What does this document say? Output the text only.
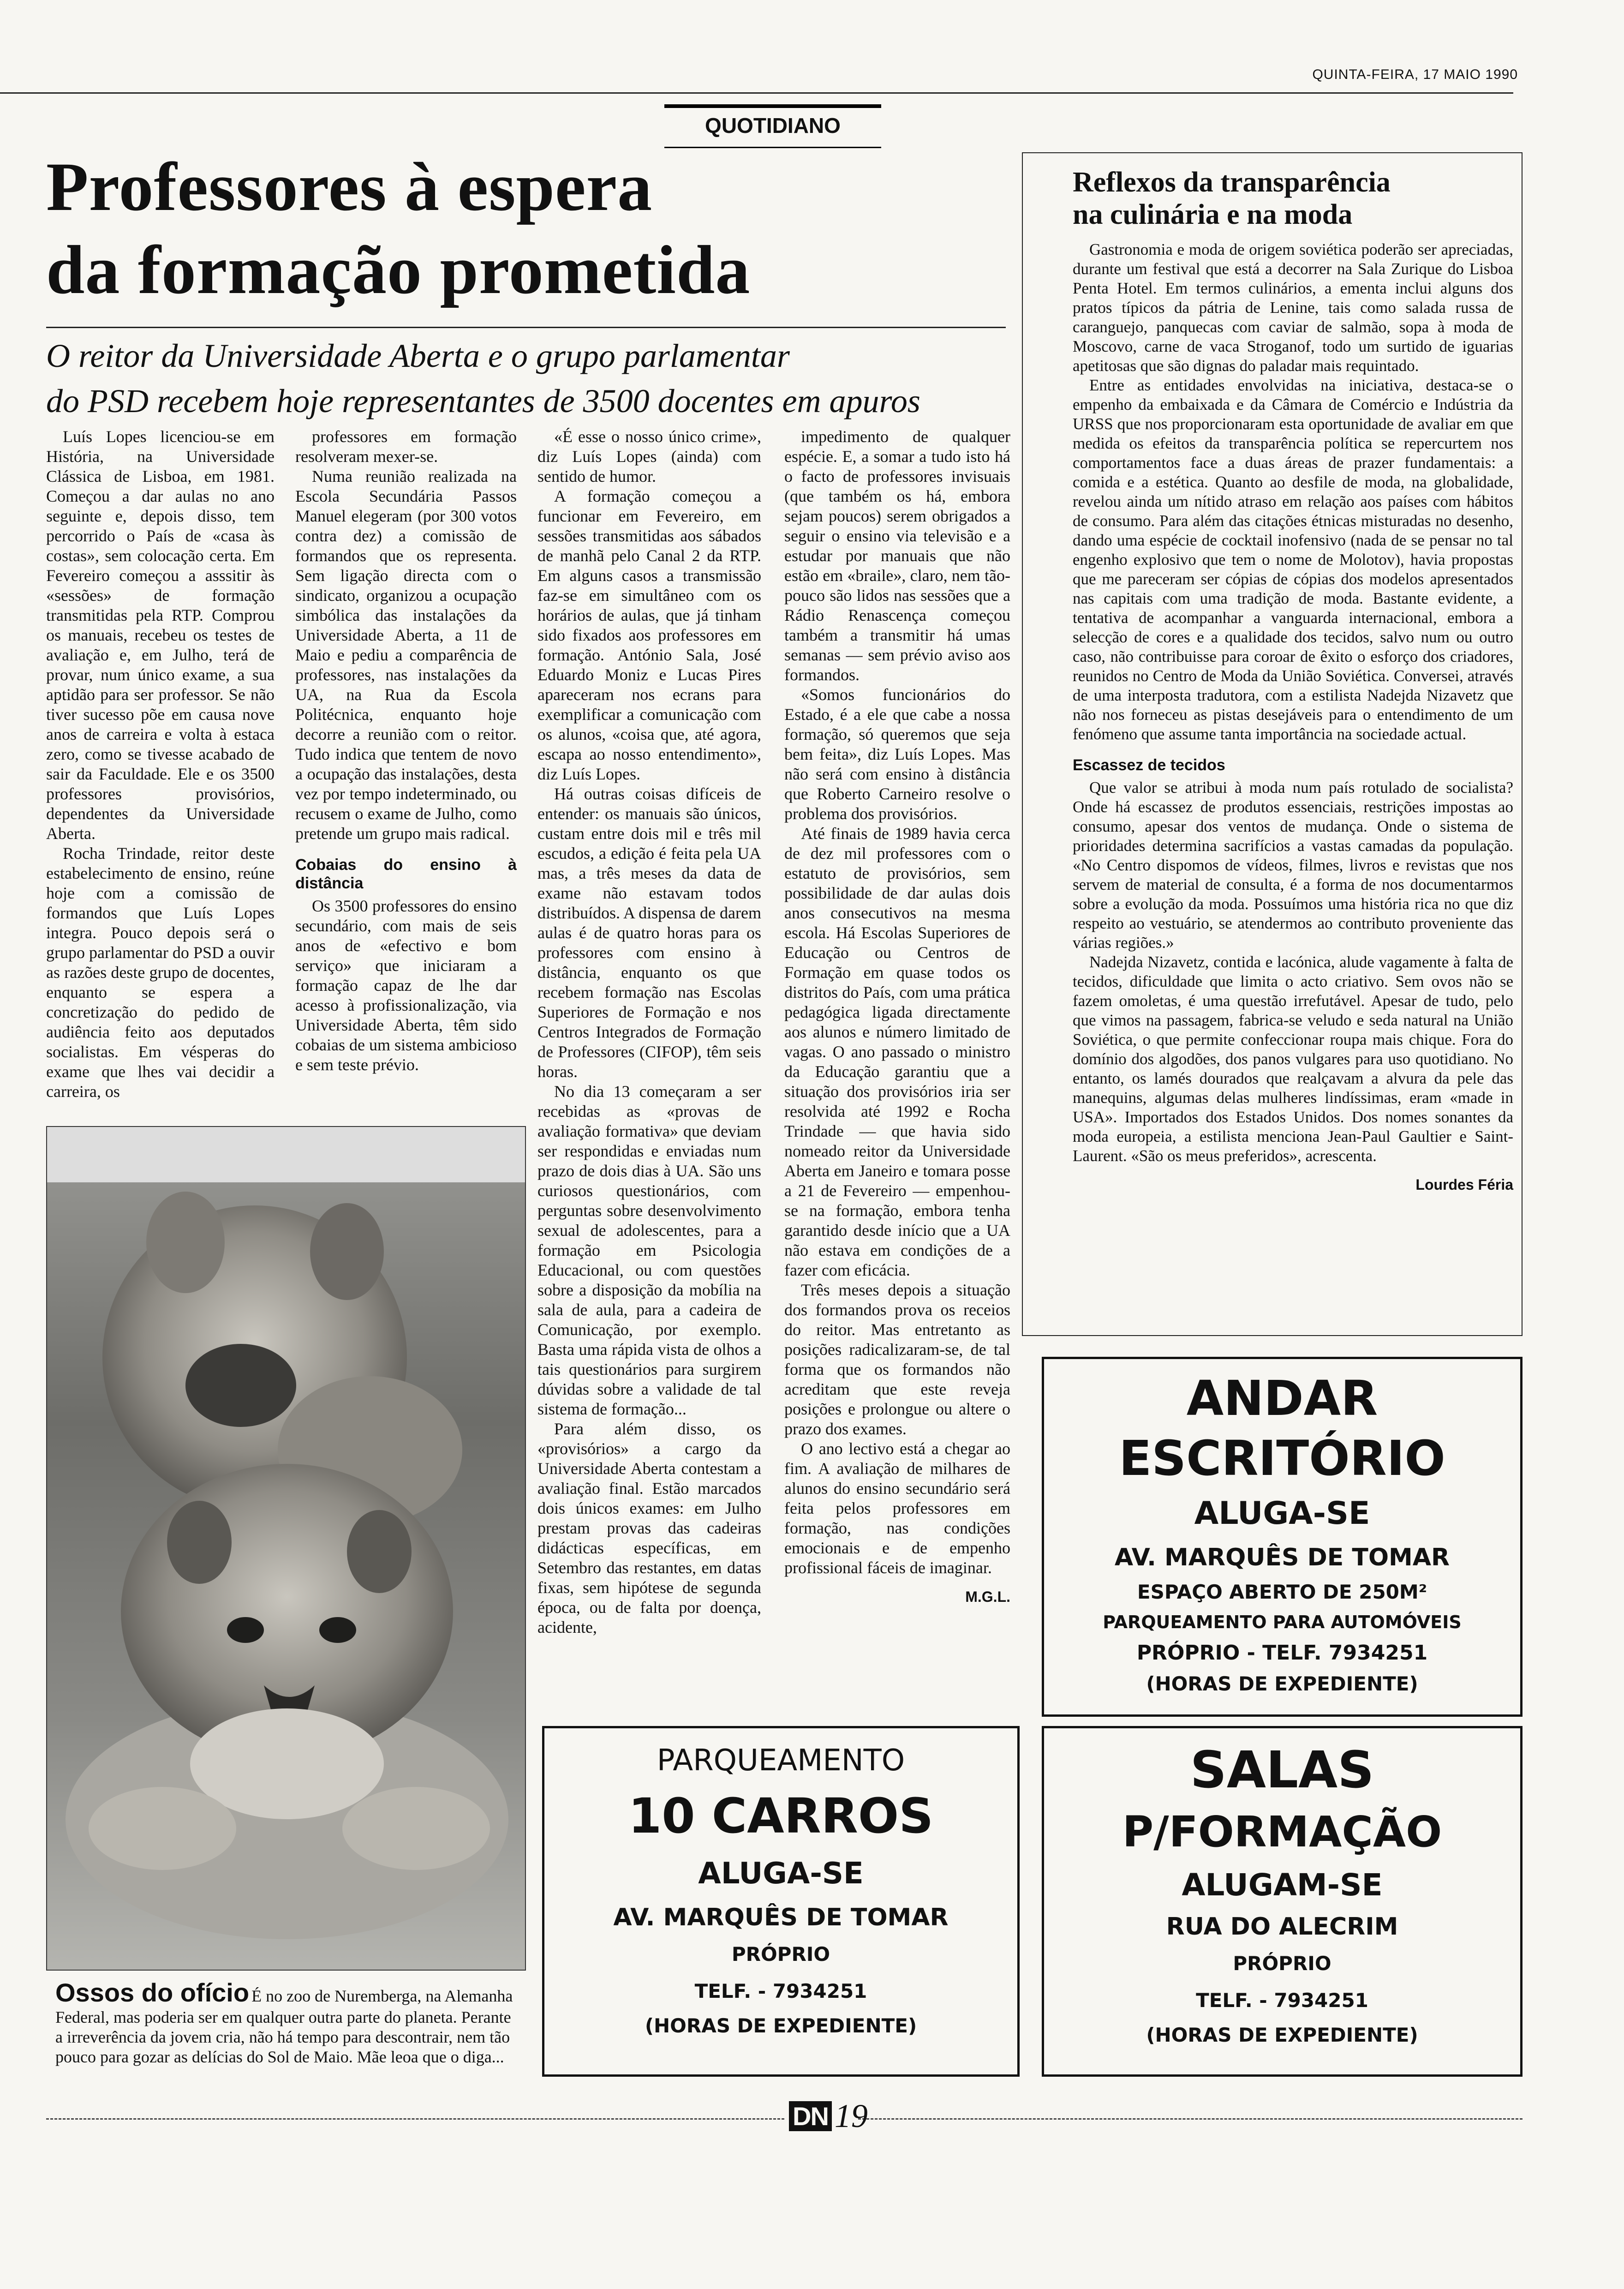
QUINTA-FEIRA, 17 MAIO 1990
QUOTIDIANO
Professores à espera
da formação prometida
O reitor da Universidade Aberta e o grupo parlamentar
do PSD recebem hoje representantes de 3500 docentes em apuros

Luís Lopes licenciou-se em História, na Universidade Clássica de Lisboa, em 1981. Começou a dar aulas no ano seguinte e, depois disso, tem percorrido o País de «casa às costas», sem colocação certa. Em Fevereiro começou a asssitir às «sessões» de formação transmitidas pela RTP. Comprou os manuais, recebeu os testes de avaliação e, em Julho, terá de provar, num único exame, a sua aptidão para ser professor. Se não tiver sucesso põe em causa nove anos de carreira e volta à estaca zero, como se tivesse acabado de sair da Faculdade. Ele e os 3500 professores provisórios, dependentes da Universidade Aberta.

Rocha Trindade, reitor deste estabelecimento de ensino, reúne hoje com a comissão de formandos que Luís Lopes integra. Pouco depois será o grupo parlamentar do PSD a ouvir as razões deste grupo de docentes, enquanto se espera a concretização do pedido de audiência feito aos deputados socialistas. Em vésperas do exame que lhes vai decidir a carreira, os

professores em formação resolveram mexer-se.

Numa reunião realizada na Escola Secundária Passos Manuel elegeram (por 300 votos contra dez) a comissão de formandos que os representa. Sem ligação directa com o sindicato, organizou a ocupação simbólica das instalações da Universidade Aberta, a 11 de Maio e pediu a comparência de professores, nas instalações da UA, na Rua da Escola Politécnica, enquanto hoje decorre a reunião com o reitor. Tudo indica que tentem de novo a ocupação das instalações, desta vez por tempo indeterminado, ou recusem o exame de Julho, como pretende um grupo mais radical.

Cobaias do ensino à distância

Os 3500 professores do ensino secundário, com mais de seis anos de «efectivo e bom serviço» que iniciaram a formação capaz de lhe dar acesso à profissionalização, via Universidade Aberta, têm sido cobaias de um sistema ambicioso e sem teste prévio.

«É esse o nosso único crime», diz Luís Lopes (ainda) com sentido de humor.

A formação começou a funcionar em Fevereiro, em sessões transmitidas aos sábados de manhã pelo Canal 2 da RTP. Em alguns casos a transmissão faz-se em simultâneo com os horários de aulas, que já tinham sido fixados aos professores em formação. António Sala, José Eduardo Moniz e Lucas Pires apareceram nos ecrans para exemplificar a comunicação com os alunos, «coisa que, até agora, escapa ao nosso entendimento», diz Luís Lopes.

Há outras coisas difíceis de entender: os manuais são únicos, custam entre dois mil e três mil escudos, a edição é feita pela UA mas, a três meses da data de exame não estavam todos distribuídos. A dispensa de darem aulas é de quatro horas para os professores com ensino à distância, enquanto os que recebem formação nas Escolas Superiores de Formação e nos Centros Integrados de Formação de Professores (CIFOP), têm seis horas.

No dia 13 começaram a ser recebidas as «provas de avaliação formativa» que deviam ser respondidas e enviadas num prazo de dois dias à UA. São uns curiosos questionários, com perguntas sobre desenvolvimento sexual de adolescentes, para a formação em Psicologia Educacional, ou com questões sobre a disposição da mobília na sala de aula, para a cadeira de Comunicação, por exemplo. Basta uma rápida vista de olhos a tais questionários para surgirem dúvidas sobre a validade de tal sistema de formação...

Para além disso, os «provisórios» a cargo da Universidade Aberta contestam a avaliação final. Estão marcados dois únicos exames: em Julho prestam provas das cadeiras didácticas específicas, em Setembro das restantes, em datas fixas, sem hipótese de segunda época, ou de falta por doença, acidente,

impedimento de qualquer espécie. E, a somar a tudo isto há o facto de professores invisuais (que também os há, embora sejam poucos) serem obrigados a seguir o ensino via televisão e a estudar por manuais que não estão em «braile», claro, nem tão-pouco são lidos nas sessões que a Rádio Renascença começou também a transmitir há umas semanas — sem prévio aviso aos formandos.

«Somos funcionários do Estado, é a ele que cabe a nossa formação, só queremos que seja bem feita», diz Luís Lopes. Mas não será com ensino à distância que Roberto Carneiro resolve o problema dos provisórios.

Até finais de 1989 havia cerca de dez mil professores com o estatuto de provisórios, sem possibilidade de dar aulas dois anos consecutivos na mesma escola. Há Escolas Superiores de Educação ou Centros de Formação em quase todos os distritos do País, com uma prática pedagógica ligada directamente aos alunos e número limitado de vagas. O ano passado o ministro da Educação garantiu que a situação dos provisórios iria ser resolvida até 1992 e Rocha Trindade — que havia sido nomeado reitor da Universidade Aberta em Janeiro e tomara posse a 21 de Fevereiro — empenhou-se na formação, embora tenha garantido desde início que a UA não estava em condições de a fazer com eficácia.

Três meses depois a situação dos formandos prova os receios do reitor. Mas entretanto as posições radicalizaram-se, de tal forma que os formandos não acreditam que este reveja posições e prolongue ou altere o prazo dos exames.

O ano lectivo está a chegar ao fim. A avaliação de milhares de alunos do ensino secundário será feita pelos professores em formação, nas condições emocionais e de empenho profissional fáceis de imaginar.

M.G.L.
Ossos do ofício É no zoo de Nuremberga, na Alemanha Federal, mas poderia ser em qualquer outra parte do planeta. Perante a irreverência da jovem cria, não há tempo para descontrair, nem tão pouco para gozar as delícias do Sol de Maio. Mãe leoa que o diga...
Reflexos da transparência
na culinária e na moda

Gastronomia e moda de origem soviética poderão ser apreciadas, durante um festival que está a decorrer na Sala Zurique do Lisboa Penta Hotel. Em termos culinários, a ementa inclui alguns dos pratos típicos da pátria de Lenine, tais como salada russa de caranguejo, panquecas com caviar de salmão, sopa à moda de Moscovo, carne de vaca Stroganof, todo um surtido de iguarias apetitosas que são dignas do paladar mais requintado.

Entre as entidades envolvidas na iniciativa, destaca-se o empenho da embaixada e da Câmara de Comércio e Indústria da URSS que nos proporcionaram esta oportunidade de avaliar em que medida os efeitos da transparência política se repercurtem nos comportamentos face a duas áreas de prazer fundamentais: a comida e a estética. Quanto ao desfile de moda, na globalidade, revelou ainda um nítido atraso em relação aos países com hábitos de consumo. Para além das citações étnicas misturadas no desenho, dando uma espécie de cocktail inofensivo (nada de se pensar no tal engenho explosivo que tem o nome de Molotov), havia propostas que me pareceram ser cópias de cópias dos modelos apresentados nas capitais com uma tradição de moda. Bastante evidente, a tentativa de acompanhar a vanguarda internacional, embora a selecção de cores e a qualidade dos tecidos, salvo num ou outro caso, não contribuisse para coroar de êxito o esforço dos criadores, reunidos no Centro de Moda da União Soviética. Conversei, através de uma interposta tradutora, com a estilista Nadejda Nizavetz que não nos forneceu as pistas desejáveis para o entendimento de um fenómeno que assume tanta importância na sociedade actual.

Escassez de tecidos

Que valor se atribui à moda num país rotulado de socialista? Onde há escassez de produtos essenciais, restrições impostas ao consumo, apesar dos ventos de mudança. Onde o sistema de prioridades determina sacrifícios a vastas camadas da população. «No Centro dispomos de vídeos, filmes, livros e revistas que nos servem de material de consulta, é a forma de nos documentarmos sobre a evolução da moda. Possuímos uma história rica no que diz respeito ao vestuário, se atendermos ao contributo proveniente das várias regiões.»

Nadejda Nizavetz, contida e lacónica, alude vagamente à falta de tecidos, dificuldade que limita o acto criativo. Sem ovos não se fazem omoletas, é uma questão irrefutável. Apesar de tudo, pelo que vimos na passagem, fabrica-se veludo e seda natural na União Soviética, o que permite confeccionar roupa mais chique. Fora do domínio dos algodões, dos panos vulgares para uso quotidiano. No entanto, os lamés dourados que realçavam a alvura da pele das manequins, algumas delas mulheres lindíssimas, eram «made in USA». Importados dos Estados Unidos. Dos nomes sonantes da moda europeia, a estilista menciona Jean-Paul Gaultier e Saint-Laurent. «São os meus preferidos», acrescenta.

Lourdes Féria
ANDAR
ESCRITÓRIO
ALUGA-SE
AV. MARQUÊS DE TOMAR
ESPAÇO ABERTO DE 250M²
PARQUEAMENTO PARA AUTOMÓVEIS
PRÓPRIO - TELF. 7934251
(HORAS DE EXPEDIENTE)
PARQUEAMENTO
10 CARROS
ALUGA-SE
AV. MARQUÊS DE TOMAR
PRÓPRIO
TELF. - 7934251
(HORAS DE EXPEDIENTE)
SALAS
P/FORMAÇÃO
ALUGAM-SE
RUA DO ALECRIM
PRÓPRIO
TELF. - 7934251
(HORAS DE EXPEDIENTE)
DN 19
